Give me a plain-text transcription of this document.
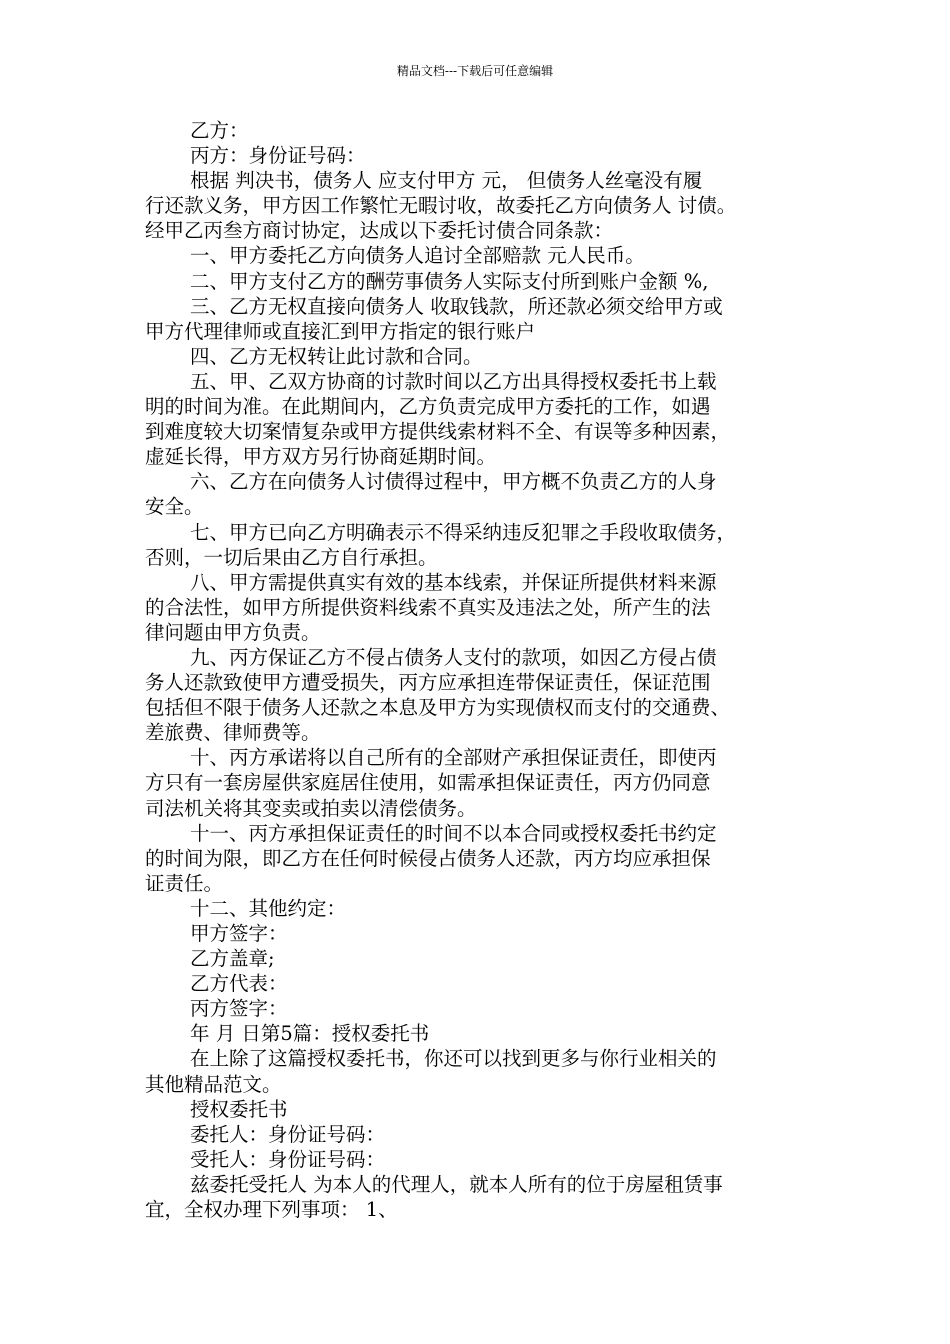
精品文档---下载后可任意编辑
乙方：
丙方：身份证号码：
根据 判决书，债务人 应支付甲方 元， 但债务人丝毫没有履
行还款义务，甲方因工作繁忙无暇讨收，故委托乙方向债务人 讨债。
经甲乙丙叁方商讨协定，达成以下委托讨债合同条款：
一、甲方委托乙方向债务人追讨全部赔款 元人民币。
二、甲方支付乙方的酬劳事债务人实际支付所到账户金额 %,
三、乙方无权直接向债务人 收取钱款，所还款必须交给甲方或
甲方代理律师或直接汇到甲方指定的银行账户
四、乙方无权转让此讨款和合同。
五、甲、乙双方协商的讨款时间以乙方出具得授权委托书上载
明的时间为准。在此期间内，乙方负责完成甲方委托的工作，如遇
到难度较大切案情复杂或甲方提供线索材料不全、有误等多种因素，
虚延长得，甲方双方另行协商延期时间。
六、乙方在向债务人讨债得过程中，甲方概不负责乙方的人身
安全。
七、甲方已向乙方明确表示不得采纳违反犯罪之手段收取债务，
否则，一切后果由乙方自行承担。
八、甲方需提供真实有效的基本线索，并保证所提供材料来源
的合法性，如甲方所提供资料线索不真实及违法之处，所产生的法
律问题由甲方负责。
九、丙方保证乙方不侵占债务人支付的款项，如因乙方侵占债
务人还款致使甲方遭受损失，丙方应承担连带保证责任，保证范围
包括但不限于债务人还款之本息及甲方为实现债权而支付的交通费、
差旅费、律师费等。
十、丙方承诺将以自己所有的全部财产承担保证责任，即使丙
方只有一套房屋供家庭居住使用，如需承担保证责任，丙方仍同意
司法机关将其变卖或拍卖以清偿债务。
十一、丙方承担保证责任的时间不以本合同或授权委托书约定
的时间为限，即乙方在任何时候侵占债务人还款，丙方均应承担保
证责任。
十二、其他约定：
甲方签字：
乙方盖章;
乙方代表：
丙方签字：
年 月 日第5篇：授权委托书
在上除了这篇授权委托书，你还可以找到更多与你行业相关的
其他精品范文。
授权委托书
委托人：身份证号码：
受托人：身份证号码：
兹委托受托人 为本人的代理人，就本人所有的位于房屋租赁事
宜，全权办理下列事项： 1、
